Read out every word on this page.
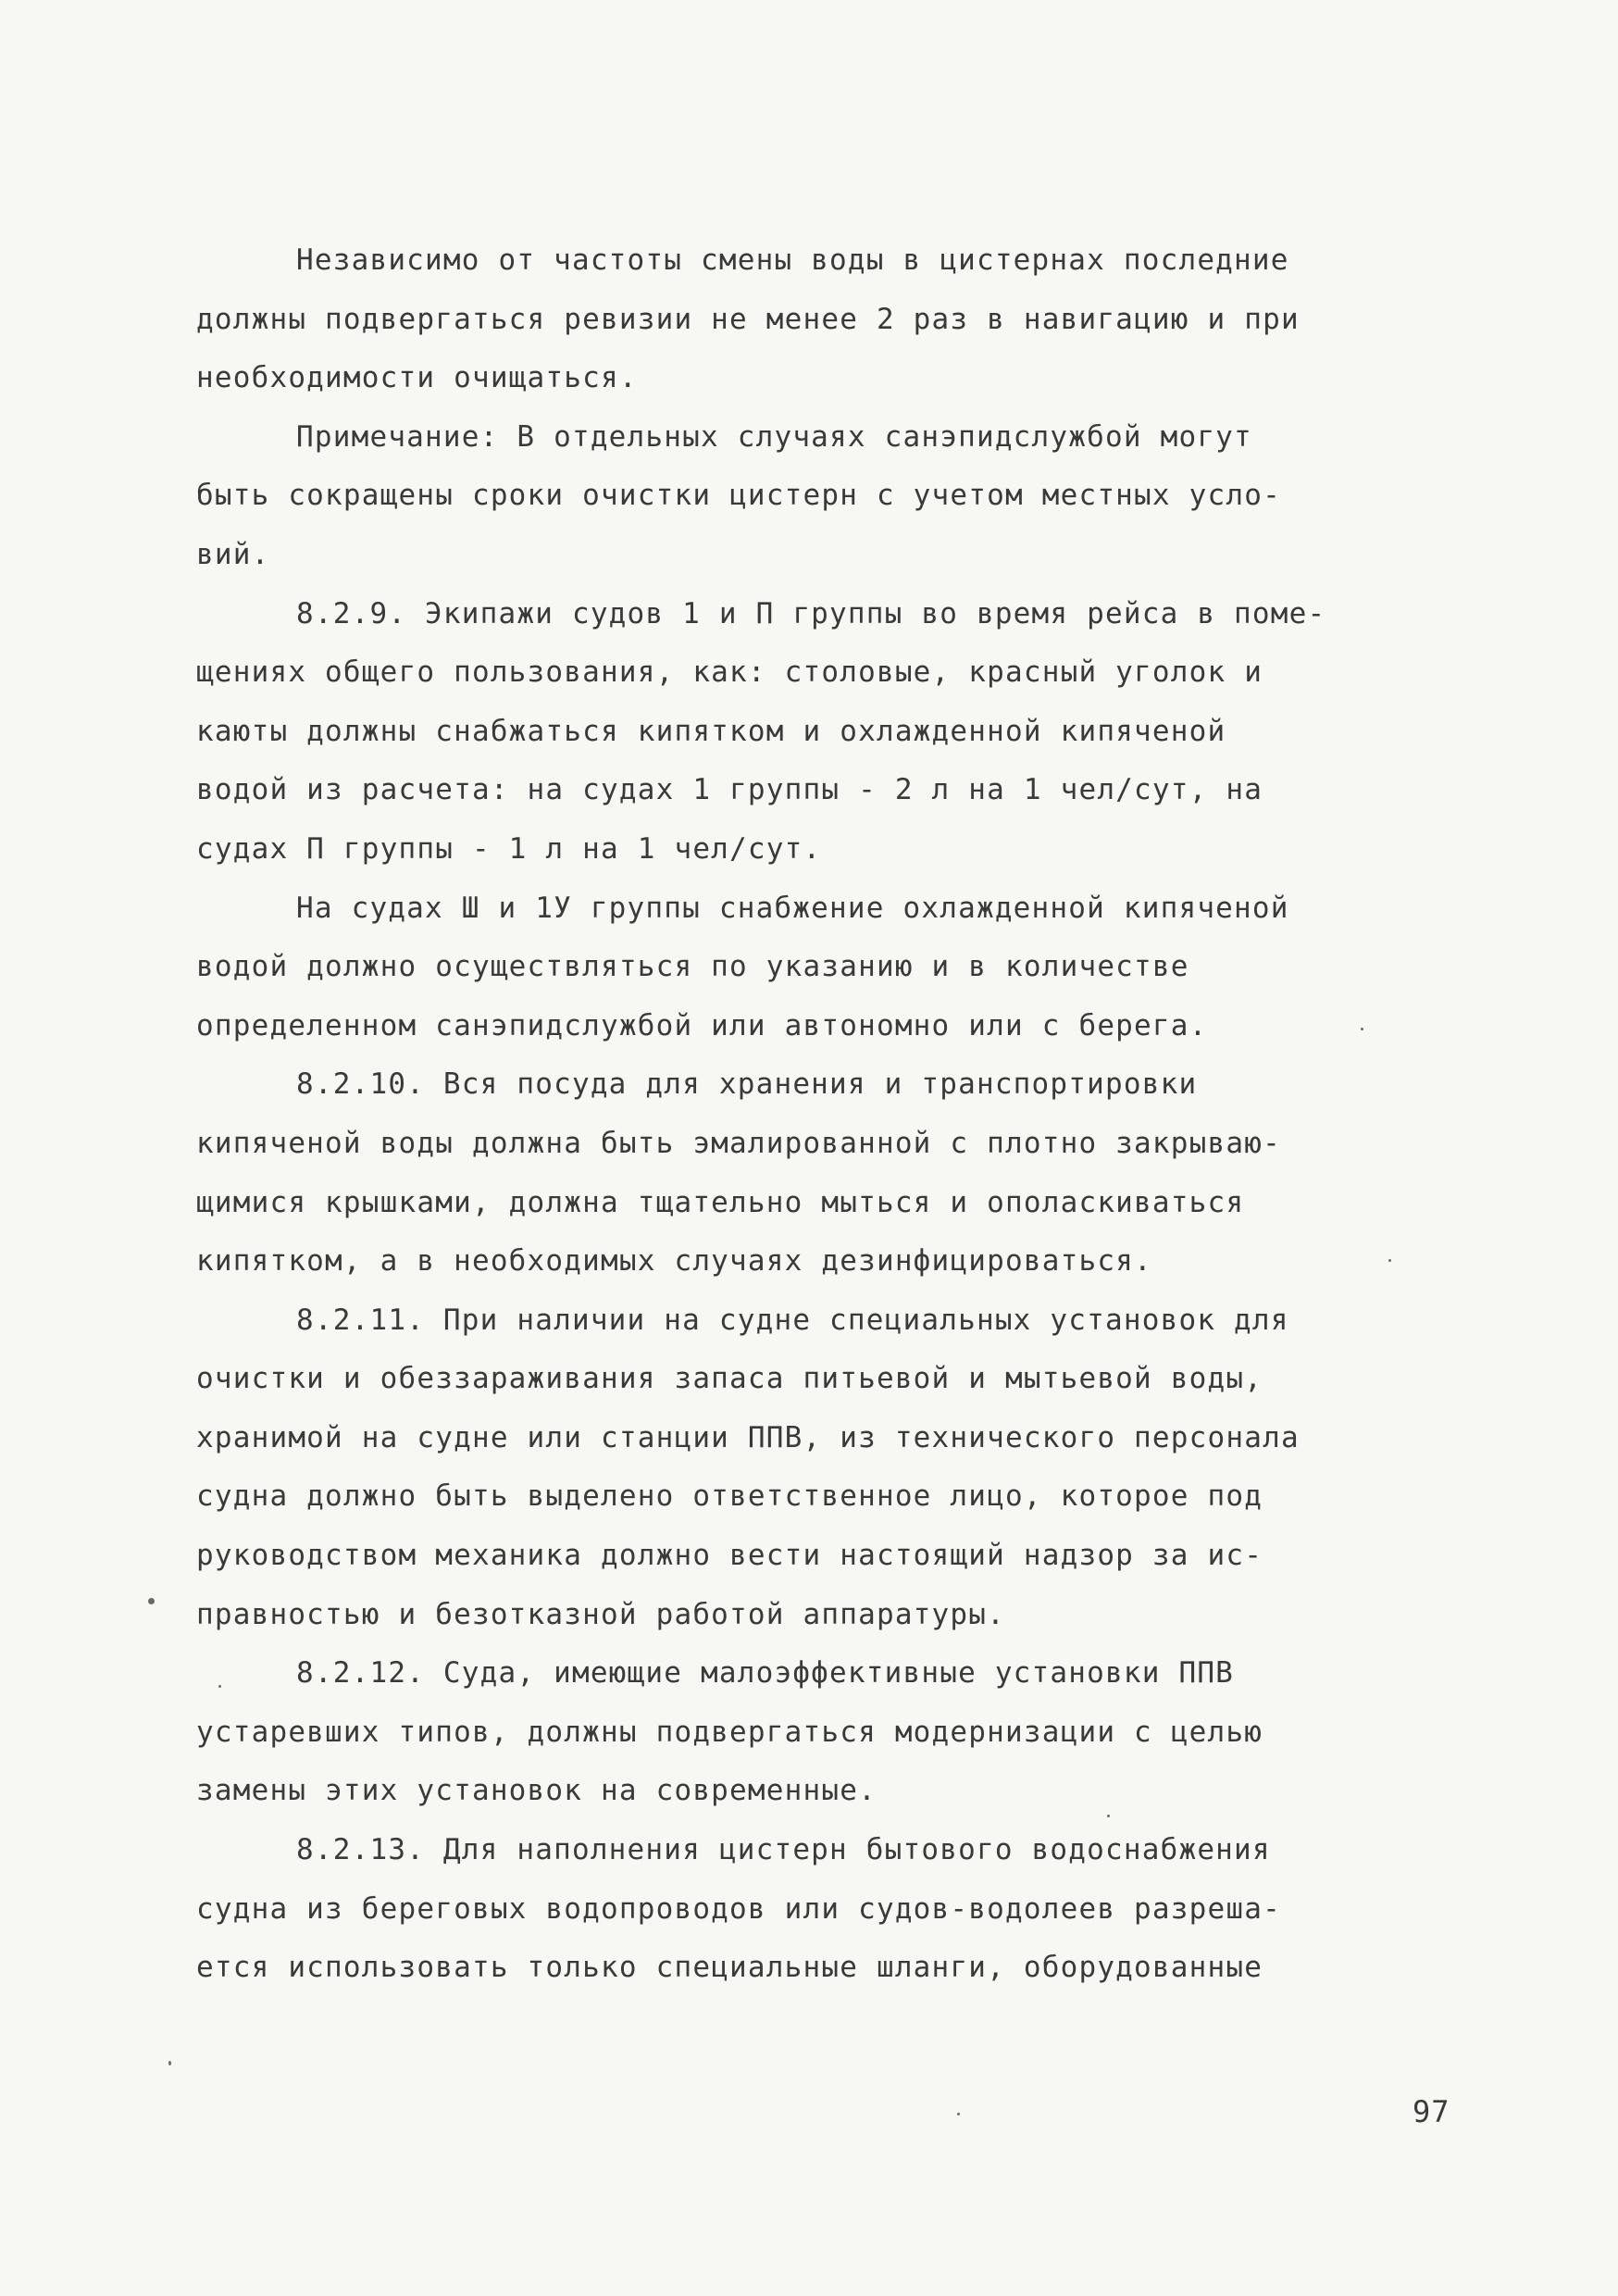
Независимо от частоты смены воды в цистернах последние
должны подвергаться ревизии не менее 2 раз в навигацию и при
необходимости очищаться.
Примечание: В отдельных случаях санэпидслужбой могут
быть сокращены сроки очистки цистерн с учетом местных усло-
вий.
8.2.9. Экипажи судов 1 и П группы во время рейса в поме-
щениях общего пользования, как: столовые, красный уголок и
каюты должны снабжаться кипятком и охлажденной кипяченой
водой из расчета: на судах 1 группы - 2 л на 1 чел/сут, на
судах П группы - 1 л на 1 чел/сут.
На судах Ш и 1У группы снабжение охлажденной кипяченой
водой должно осуществляться по указанию и в количестве
определенном санэпидслужбой или автономно или с берега.
8.2.10. Вся посуда для хранения и транспортировки
кипяченой воды должна быть эмалированной с плотно закрываю-
щимися крышками, должна тщательно мыться и ополаскиваться
кипятком, а в необходимых случаях дезинфицироваться.
8.2.11. При наличии на судне специальных установок для
очистки и обеззараживания запаса питьевой и мытьевой воды,
хранимой на судне или станции ППВ, из технического персонала
судна должно быть выделено ответственное лицо, которое под
руководством механика должно вести настоящий надзор за ис-
правностью и безотказной работой аппаратуры.
8.2.12. Суда, имеющие малоэффективные установки ППВ
устаревших типов, должны подвергаться модернизации с целью
замены этих установок на современные.
8.2.13. Для наполнения цистерн бытового водоснабжения
судна из береговых водопроводов или судов-водолеев разреша-
ется использовать только специальные шланги, оборудованные
97
